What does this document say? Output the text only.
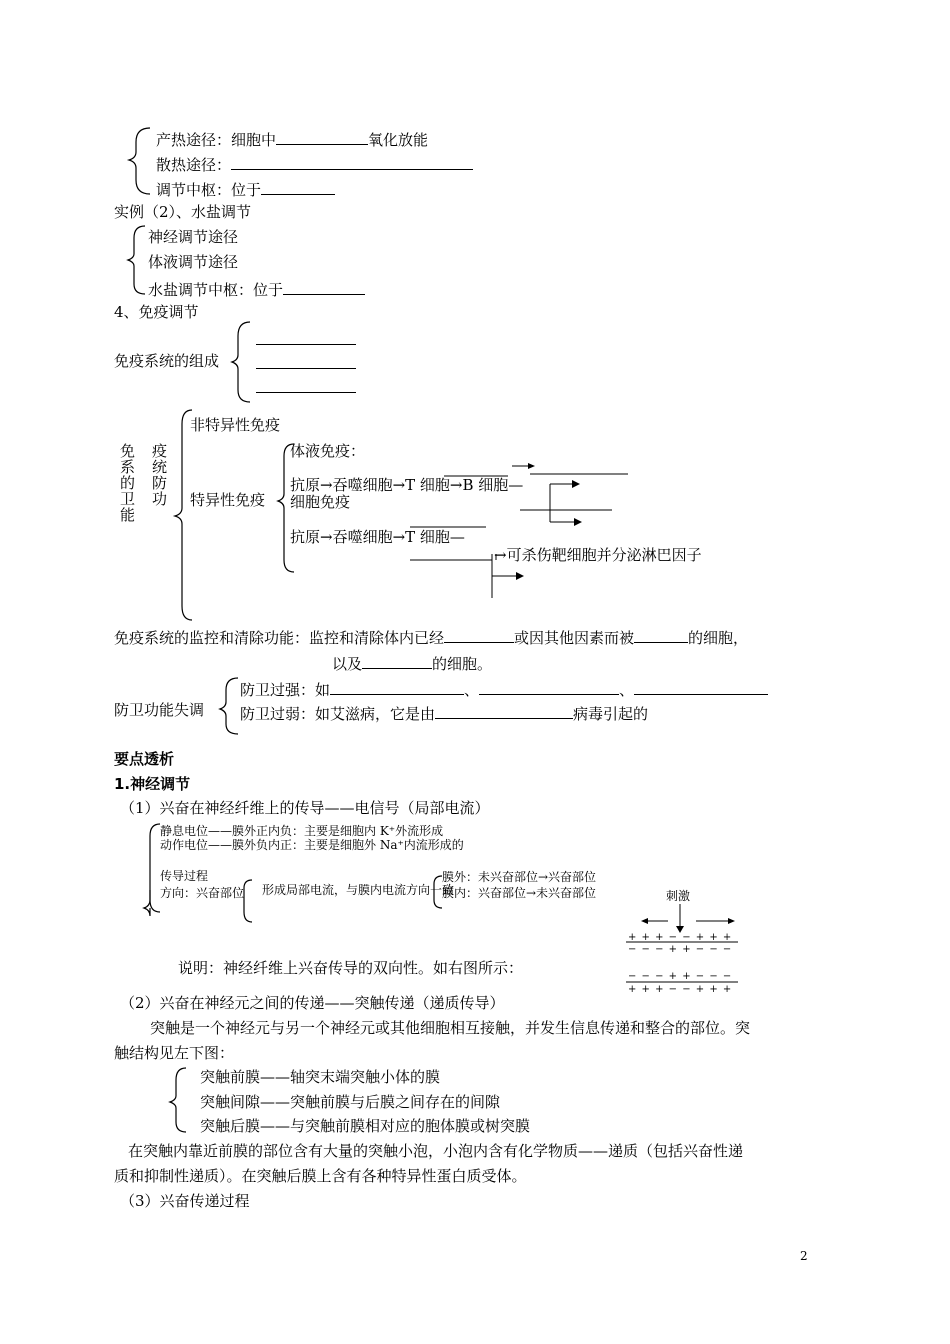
产热途径：细胞中	氧化放能
散热途径：
调节中枢：位于
实例（2）、水盐调节
神经调节途径
体液调节途径
水盐调节中枢：位于
4、免疫调节
免疫系统的组成
免
系
的
卫
能
疫
统
防
功
非特异性免疫
特异性免疫
体液免疫：
抗原→吞噬细胞→T 细胞→B 细胞—
细胞免疫
抗原→吞噬细胞→T 细胞—
→可杀伤靶细胞并分泌淋巴因子
免疫系统的监控和清除功能：监控和清除体内已经	或因其他因素而被	的细胞，
以及	的细胞。
防卫功能失调
防卫过强：如	、	、
防卫过弱：如艾滋病，它是由	病毒引起的
要点透析
1.神经调节
（1）兴奋在神经纤维上的传导——电信号（局部电流）
静息电位——膜外正内负：主要是细胞内 K⁺外流形成
动作电位——膜外负内正：主要是细胞外 Na⁺内流形成的
传导过程
方向：兴奋部位 形成局部电流，与膜内电流方向一致
膜外：未兴奋部位→兴奋部位
膜内：兴奋部位→未兴奋部位	刺激
+ + + − − + + +
− − − + + − − −
− − − + + − − −
+ + + − − + + +
说明：神经纤维上兴奋传导的双向性。如右图所示：
（2）兴奋在神经元之间的传递——突触传递（递质传导）
突触是一个神经元与另一个神经元或其他细胞相互接触，并发生信息传递和整合的部位。突
触结构见左下图：
突触前膜——轴突末端突触小体的膜
突触间隙——突触前膜与后膜之间存在的间隙
突触后膜——与突触前膜相对应的胞体膜或树突膜
在突触内靠近前膜的部位含有大量的突触小泡，小泡内含有化学物质——递质（包括兴奋性递
质和抑制性递质）。在突触后膜上含有各种特异性蛋白质受体。
（3）兴奋传递过程
2
